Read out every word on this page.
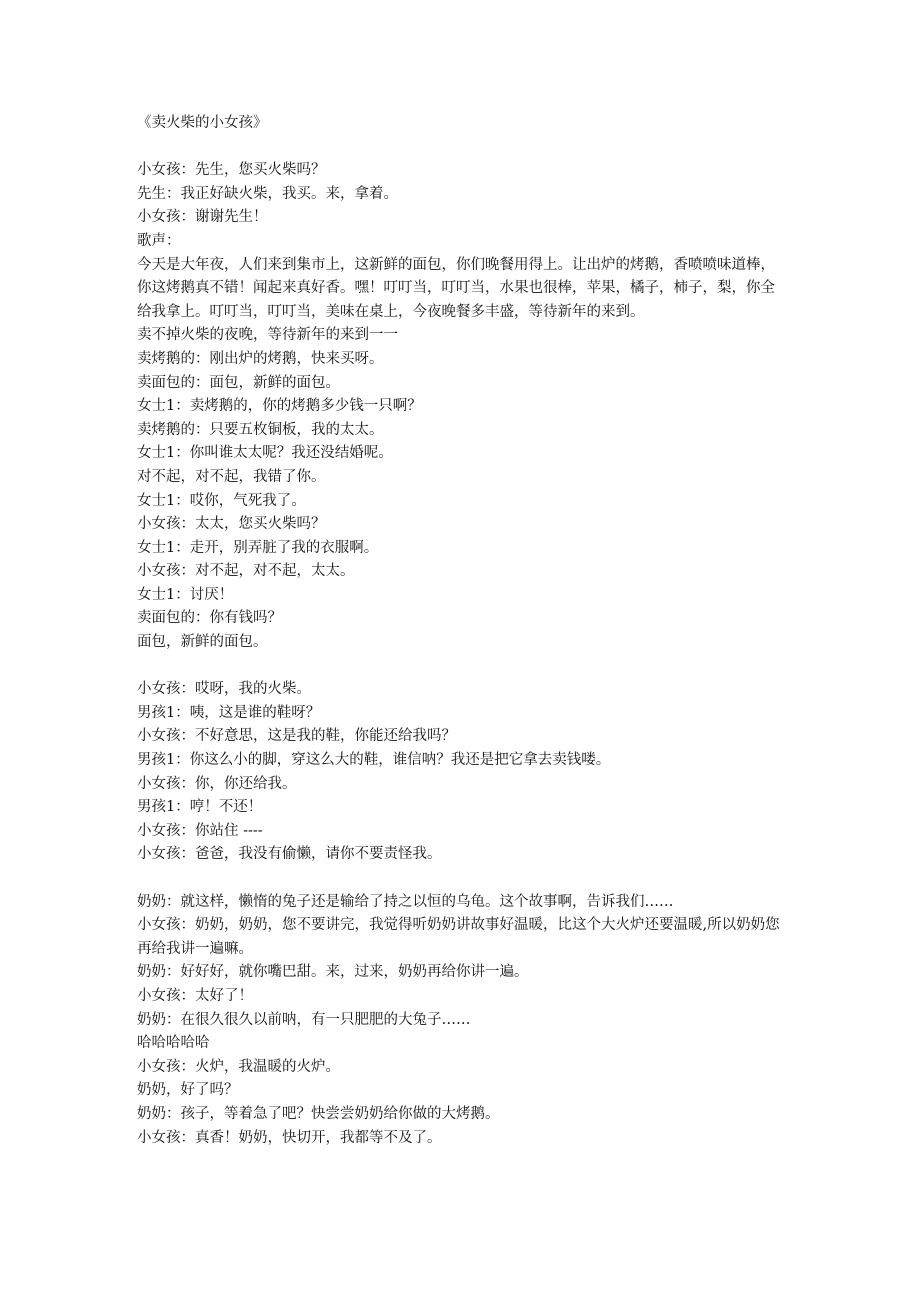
《卖火柴的小女孩》
小女孩：先生，您买火柴吗？
先生：我正好缺火柴，我买。来，拿着。
小女孩：谢谢先生！
歌声：
今天是大年夜，人们来到集市上，这新鲜的面包，你们晚餐用得上。让出炉的烤鹅，香喷喷味道棒，你这烤鹅真不错！闻起来真好香。嘿！叮叮当，叮叮当，水果也很棒，苹果，橘子，柿子，梨，你全给我拿上。叮叮当，叮叮当，美味在桌上，今夜晚餐多丰盛，等待新年的来到。
卖不掉火柴的夜晚，等待新年的来到一一
卖烤鹅的：刚出炉的烤鹅，快来买呀。
卖面包的：面包，新鲜的面包。
女士1：卖烤鹅的，你的烤鹅多少钱一只啊？
卖烤鹅的：只要五枚铜板，我的太太。
女士1：你叫谁太太呢？我还没结婚呢。
对不起，对不起，我错了你。
女士1：哎你，气死我了。
小女孩：太太，您买火柴吗？
女士1：走开，别弄脏了我的衣服啊。
小女孩：对不起，对不起，太太。
女士1：讨厌！
卖面包的：你有钱吗？
面包，新鲜的面包。
小女孩：哎呀，我的火柴。
男孩1：咦，这是谁的鞋呀？
小女孩：不好意思，这是我的鞋，你能还给我吗？
男孩1：你这么小的脚，穿这么大的鞋，谁信呐？我还是把它拿去卖钱喽。
小女孩：你，你还给我。
男孩1：哼！不还！
小女孩：你站住 ----
小女孩：爸爸，我没有偷懒，请你不要责怪我。
奶奶：就这样，懒惰的兔子还是输给了持之以恒的乌龟。这个故事啊，告诉我们……
小女孩：奶奶，奶奶，您不要讲完，我觉得听奶奶讲故事好温暖，比这个大火炉还要温暖,所以奶奶您再给我讲一遍嘛。
奶奶：好好好，就你嘴巴甜。来，过来，奶奶再给你讲一遍。
小女孩：太好了！
奶奶：在很久很久以前呐，有一只肥肥的大兔子……
哈哈哈哈哈
小女孩：火炉，我温暖的火炉。
奶奶，好了吗？
奶奶：孩子，等着急了吧？快尝尝奶奶给你做的大烤鹅。
小女孩：真香！奶奶，快切开，我都等不及了。
